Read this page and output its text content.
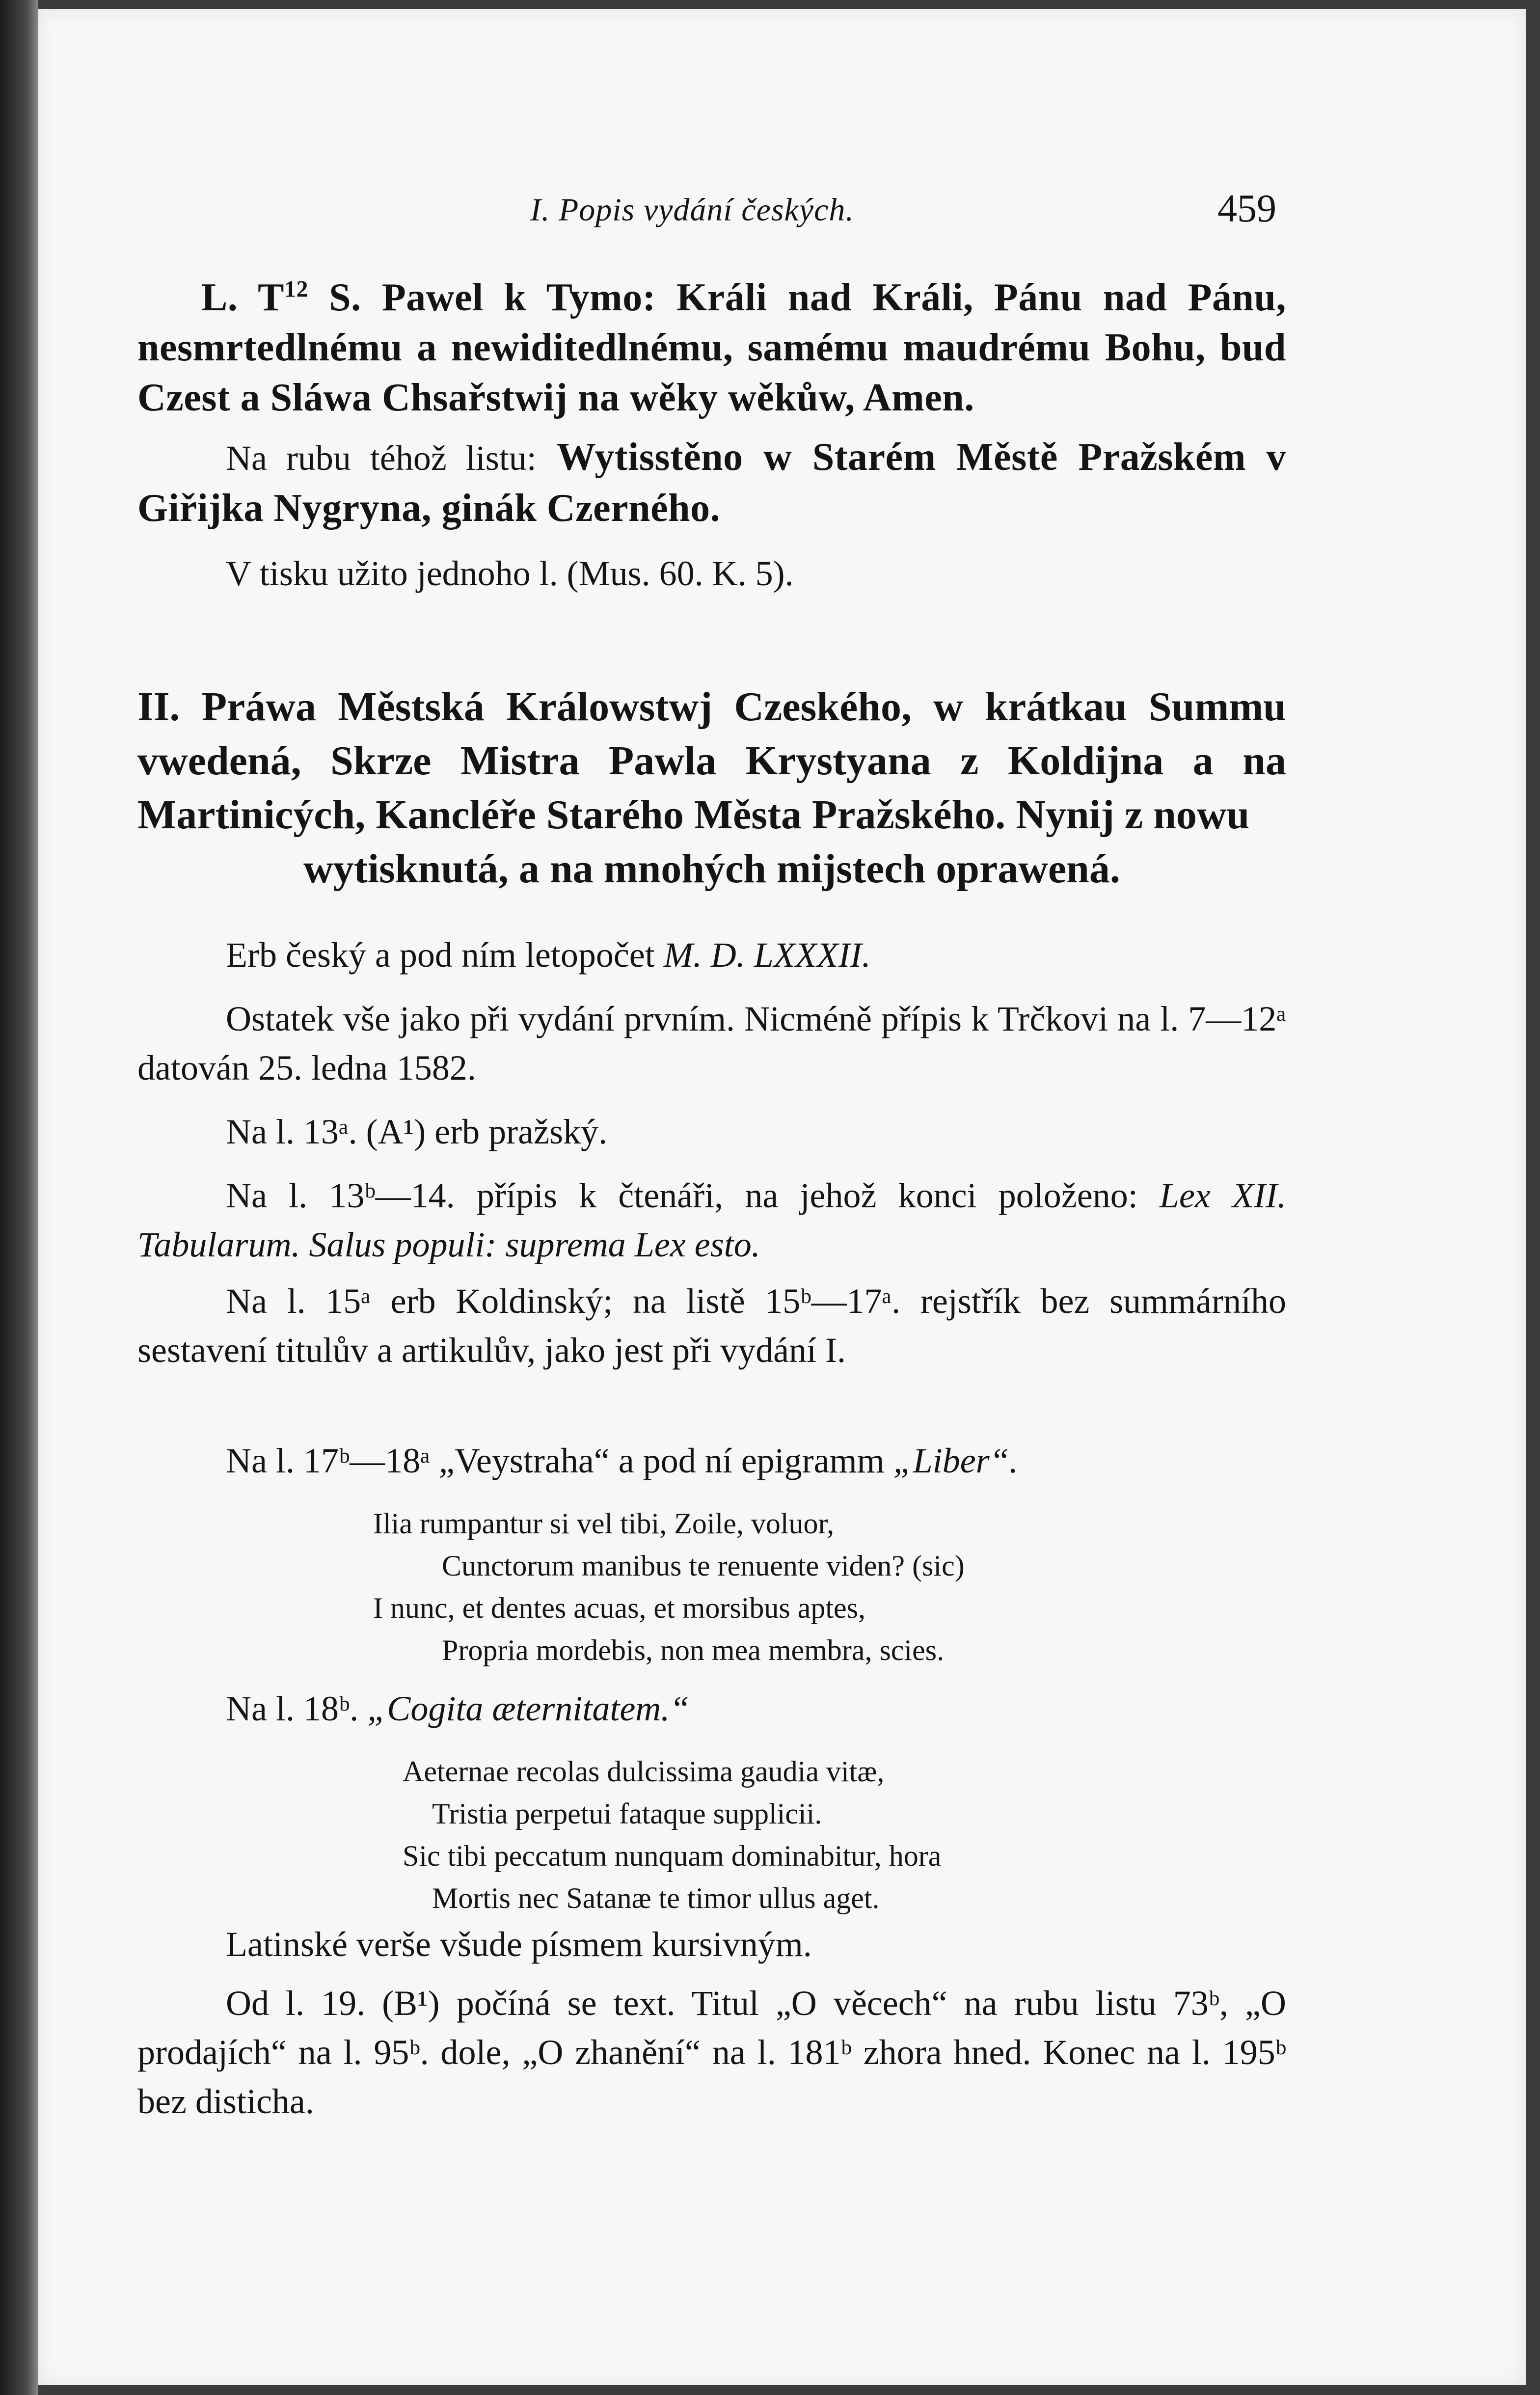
I. Popis vydání českých.	459

L. $T^{12}$ S. Pawel k Tymo: Králi nad Králi, Pánu nad Pánu, nesmrtedlnému a newiditedlnému, samému maudrému Bohu, bud Czest a Sláwa Chsařstwij na wěky wěkůw, Amen.

Na rubu téhož listu: Wytisstěno w Starém Městě Pražském v Giřijka Nygryna, ginák Czerného.

V tisku užito jednoho l. (Mus. 60. K. 5).

II. Práwa Městská Králowstwj Czeského, w krátkau Summu vwedená, Skrze Mistra Pawla Krystyana z Koldijna a na Martinicých, Kancléře Starého Města Pražského. Nynij z nowu
wytisknutá, a na mnohých mijstech oprawená.

Erb český a pod ním letopočet M. D. LXXXII.

Ostatek vše jako při vydání prvním. Nicméně přípis k Trčkovi na l. 7—12ᵃ datován 25. ledna 1582.

Na l. 13ᵃ. (A¹) erb pražský.

Na l. 13ᵇ—14. přípis k čtenáři, na jehož konci položeno: Lex XII. Tabularum. Salus populi: suprema Lex esto.

Na l. 15ᵃ erb Koldinský; na listě 15ᵇ—17ᵃ. rejstřík bez summárního sestavení titulův a artikulův, jako jest při vydání I.

Na l. 17ᵇ—18ᵃ „Veystraha“ a pod ní epigramm „Liber“.

Ilia rumpantur si vel tibi, Zoile, voluor,
Cunctorum manibus te renuente viden? (sic)
I nunc, et dentes acuas, et morsibus aptes,
Propria mordebis, non mea membra, scies.

Na l. 18ᵇ. „Cogita æternitatem.“

Aeternae recolas dulcissima gaudia vitæ,
Tristia perpetui fataque supplicii.
Sic tibi peccatum nunquam dominabitur, hora
Mortis nec Satanæ te timor ullus aget.

Latinské verše všude písmem kursivným.

Od l. 19. (B¹) počíná se text. Titul „O věcech“ na rubu listu 73ᵇ, „O prodajích“ na l. 95ᵇ. dole, „O zhanění“ na l. 181ᵇ zhora hned. Konec na l. 195ᵇ bez disticha.
